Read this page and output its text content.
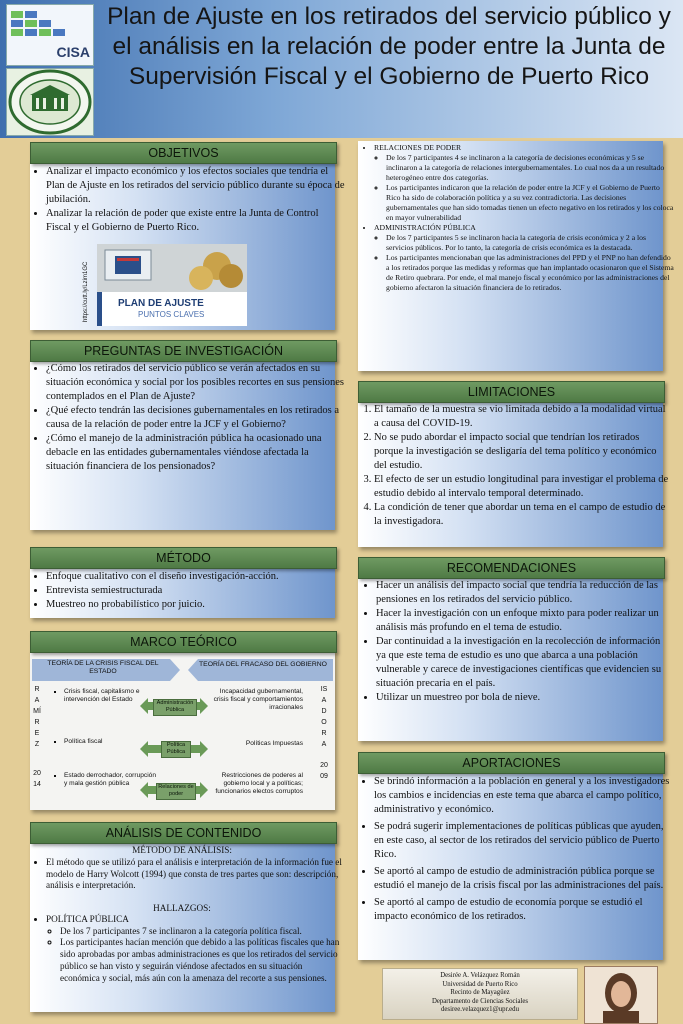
CISA
Plan de Ajuste en los retirados del servicio público y el análisis en la relación de poder entre la Junta de Supervisión Fiscal y el Gobierno de Puerto Rico
OBJETIVOS
• Analizar el impacto económico y los efectos sociales que tendría el Plan de Ajuste en los retirados del servicio público durante su época de jubilación.
• Analizar la relación de poder que existe entre la Junta de Control Fiscal y el Gobierno de Puerto Rico.
https://cutt.ly/Lzim1GC	PLAN DE AJUSTE
PUNTOS CLAVES
PREGUNTAS DE INVESTIGACIÓN
• ¿Cómo los retirados del servicio público se verán afectados en su situación económica y social por los posibles recortes en sus pensiones contemplados en el Plan de Ajuste?
• ¿Qué efecto tendrán las decisiones gubernamentales en los retirados a causa de la relación de poder entre la JCF y el Gobierno?
• ¿Cómo el manejo de la administración pública ha ocasionado una debacle en las entidades gubernamentales viéndose afectada la situación financiera de los pensionados?
MÉTODO
• Enfoque cualitativo con el diseño investigación-acción.
• Entrevista semiestructurada
• Muestreo no probabilístico por juicio.
MARCO TEÓRICO
TEORÍA DE LA CRISIS FISCAL DEL ESTADO
TEORÍA DEL FRACASO DEL GOBIERNO
RAMÍREZ
2014
ISADORA
2009
▪ Crisis fiscal, capitalismo e intervención del Estado
▪ Política fiscal
▪ Estado derrochador, corrupción y mala gestión pública
Incapacidad gubernamental, crisis fiscal y comportamientos irracionales
Políticas Impuestas
Restricciones de poderes al gobierno local y a políticas; funcionarios electos corruptos
Administración Pública
Política Pública
Relaciones de poder
ANÁLISIS DE CONTENIDO
MÉTODO DE ANÁLISIS:
• El método que se utilizó para el análisis e interpretación de la información fue el modelo de Harry Wolcott (1994) que consta de tres partes que son: descripción, análisis e interpretación.
HALLAZGOS:
• POLÍTICA PÚBLICA
◦ De los 7 participantes 7 se inclinaron a la categoría política fiscal.
◦ Los participantes hacían mención que debido a las políticas fiscales que han sido aprobadas por ambas administraciones es que los retirados del servicio público se han visto y seguirán viéndose afectados en su situación económica y social, más aún con la amenaza del recorte a sus pensiones.
• RELACIONES DE PODER
◦ De los 7 participantes 4 se inclinaron a la categoría de decisiones económicas y 5 se inclinaron a la categoría de relaciones intergubernamentales. Lo cual nos da a un resultado heterogéneo entre dos categorías.
◦ Los participantes indicaron que la relación de poder entre la JCF y el Gobierno de Puerto Rico ha sido de colaboración política y a su vez contradictoria. Las decisiones gubernamentales que han sido tomadas tienen un efecto negativo en los retirados y los coloca en mayor vulnerabilidad
• ADMINISTRACIÓN PÚBLICA
◦ De los 7 participantes 5 se inclinaron hacia la categoría de crisis económica y 2 a los servicios públicos. Por lo tanto, la categoría de crisis económica es la destacada.
◦ Los participantes mencionaban que las administraciones del PPD y el PNP no han defendido a los retirados porque las medidas y reformas que han implantado ocasionaron que el Sistema de Retiro quebrara. Por ende, el mal manejo fiscal y económico por las administraciones del gobierno afectaron la situación financiera de lo retirados.
LIMITACIONES
1. El tamaño de la muestra se vio limitada debido a la modalidad virtual a causa del COVID-19.
2. No se pudo abordar el impacto social que tendrían los retirados porque la investigación se desligaría del tema político y económico del estudio.
3. El efecto de ser un estudio longitudinal para investigar el problema de estudio debido al intervalo temporal determinado.
4. La condición de tener que abordar un tema en el campo de estudio de la investigadora.
RECOMENDACIONES
• Hacer un análisis del impacto social que tendría la reducción de las pensiones en los retirados del servicio público.
• Hacer la investigación con un enfoque mixto para poder realizar un análisis más profundo en el tema de estudio.
• Dar continuidad a la investigación en la recolección de información ya que este tema de estudio es uno que abarca a una población vulnerable y carece de investigaciones científicas que evidencien su situación precaria en el país.
• Utilizar un muestreo por bola de nieve.
APORTACIONES
• Se brindó información a la población en general y a los investigadores los cambios e incidencias en este tema que abarca el campo político, administrativo y económico.
• Se podrá sugerir implementaciones de políticas públicas que ayuden, en este caso, al sector de los retirados del servicio público de Puerto Rico.
• Se aportó al campo de estudio de administración pública porque se estudió el manejo de la crisis fiscal por las administraciones del país.
• Se aportó al campo de estudio de economía porque se estudió el impacto económico de los retirados.
Desirée A. Velázquez Román
Universidad de Puerto Rico
Recinto de Mayagüez
Departamento de Ciencias Sociales
desiree.velazquez1@upr.edu
